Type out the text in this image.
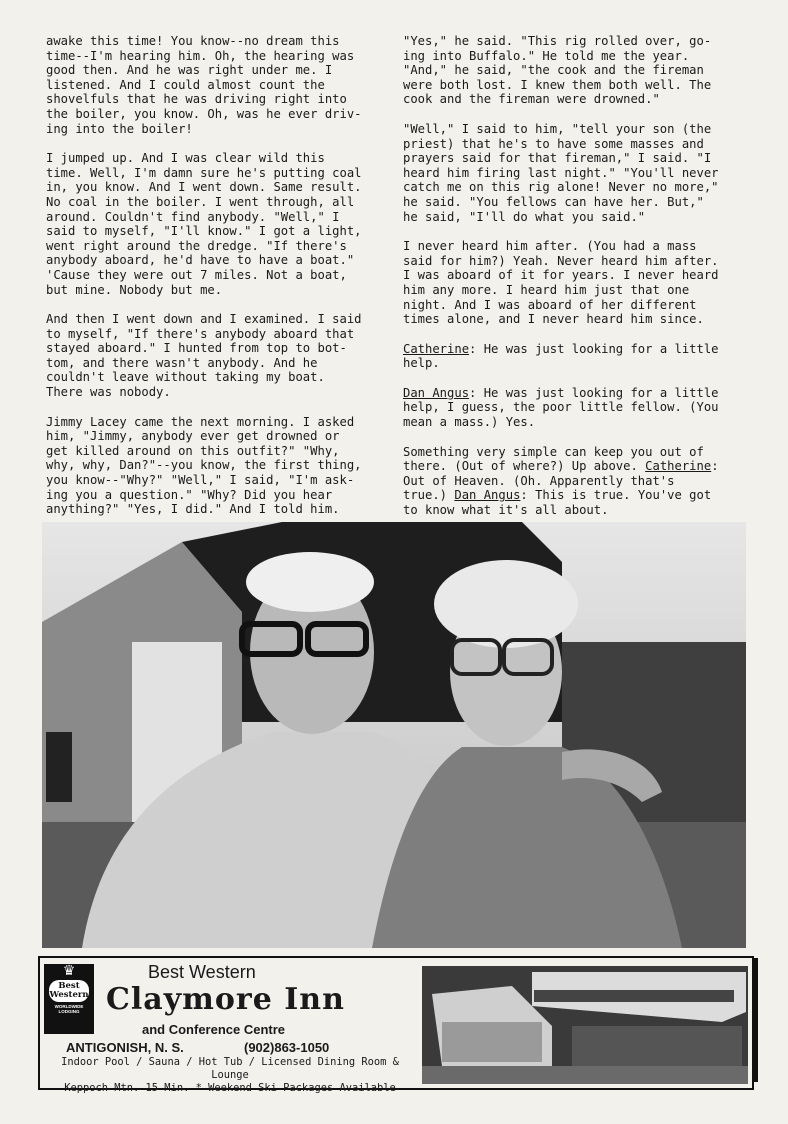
awake this time! You know--no dream this
time--I'm hearing him. Oh, the hearing was
good then. And he was right under me. I
listened. And I could almost count the
shovelfuls that he was driving right into
the boiler, you know. Oh, was he ever driv-
ing into the boiler!

I jumped up. And I was clear wild this
time. Well, I'm damn sure he's putting coal
in, you know. And I went down. Same result.
No coal in the boiler. I went through, all
around. Couldn't find anybody. "Well," I
said to myself, "I'll know." I got a light,
went right around the dredge. "If there's
anybody aboard, he'd have to have a boat."
'Cause they were out 7 miles. Not a boat,
but mine. Nobody but me.

And then I went down and I examined. I said
to myself, "If there's anybody aboard that
stayed aboard." I hunted from top to bot-
tom, and there wasn't anybody. And he
couldn't leave without taking my boat.
There was nobody.

Jimmy Lacey came the next morning. I asked
him, "Jimmy, anybody ever get drowned or
get killed around on this outfit?" "Why,
why, why, Dan?"--you know, the first thing,
you know--"Why?" "Well," I said, "I'm ask-
ing you a question." "Why? Did you hear
anything?" "Yes, I did." And I told him.

"Yes," he said. "This rig rolled over, go-
ing into Buffalo." He told me the year.
"And," he said, "the cook and the fireman
were both lost. I knew them both well. The
cook and the fireman were drowned."

"Well," I said to him, "tell your son (the
priest) that he's to have some masses and
prayers said for that fireman," I said. "I
heard him firing last night." "You'll never
catch me on this rig alone! Never no more,"
he said. "You fellows can have her. But,"
he said, "I'll do what you said."

I never heard him after. (You had a mass
said for him?) Yeah. Never heard him after.
I was aboard of it for years. I never heard
him any more. I heard him just that one
night. And I was aboard of her different
times alone, and I never heard him since.

Catherine: He was just looking for a little
help.

Dan Angus: He was just looking for a little
help, I guess, the poor little fellow. (You
mean a mass.) Yes.

Something very simple can keep you out of
there. (Out of where?) Up above. Catherine:
Out of Heaven. (Oh. Apparently that's
true.) Dan Angus: This is true. You've got
to know what it's all about.

♛
Best
Western
WORLDWIDE LODGING
Best Western
Claymore Inn
and Conference Centre
ANTIGONISH, N. S.	(902)863-1050
Indoor Pool / Sauna / Hot Tub / Licensed Dining Room & Lounge
Keppoch Mtn. 15 Min. * Weekend Ski Packages Available
